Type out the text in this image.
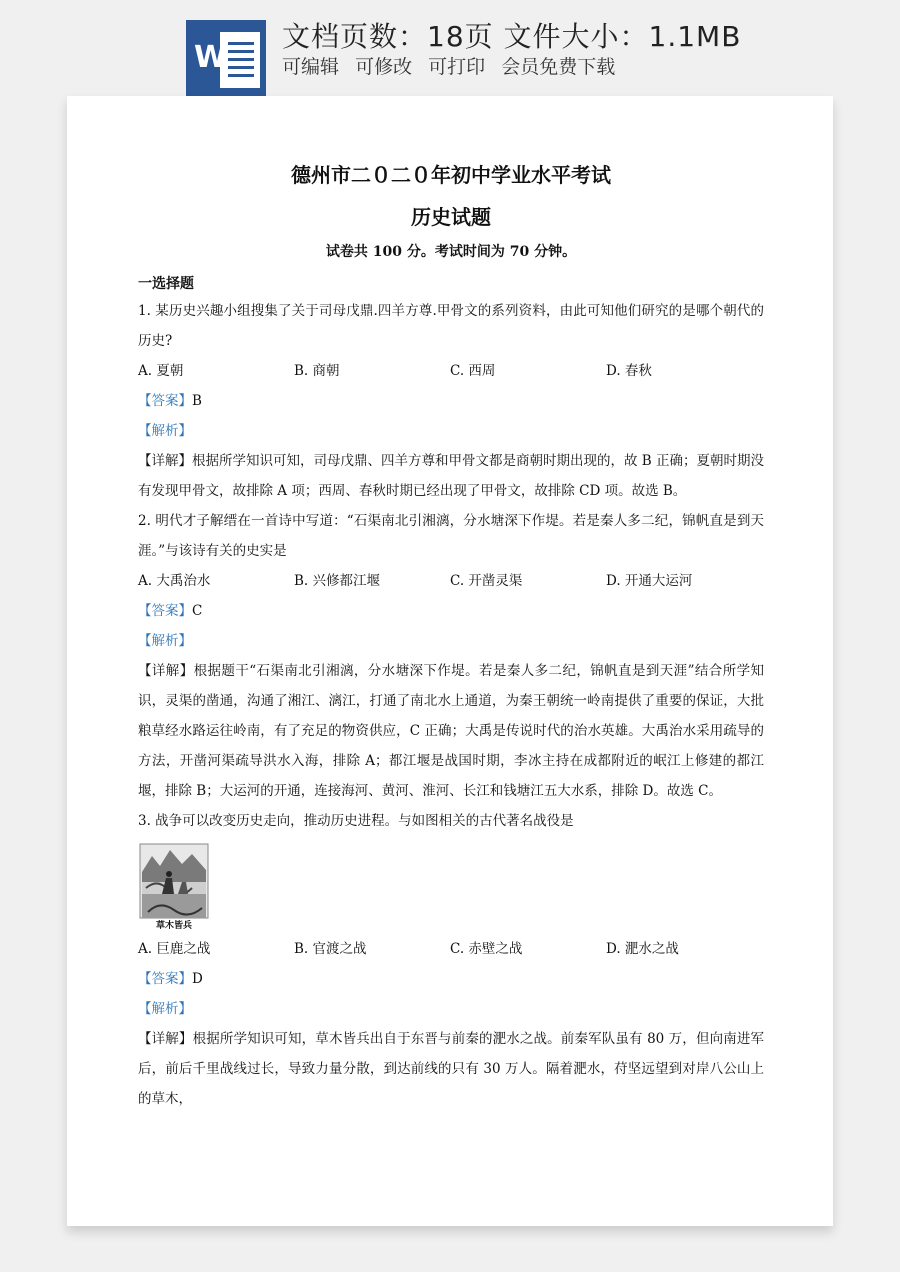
W
文档页数：18页 文件大小：1.1MB
可编辑 可修改 可打印 会员免费下载
德州市二０二０年初中学业水平考试
历史试题
试卷共 100 分。考试时间为 70 分钟。
一选择题

1. 某历史兴趣小组搜集了关于司母戊鼎.四羊方尊.甲骨文的系列资料，由此可知他们研究的是哪个朝代的历史?

A. 夏朝	B. 商朝	C. 西周	D. 春秋

【答案】B

【解析】

【详解】根据所学知识可知，司母戊鼎、四羊方尊和甲骨文都是商朝时期出现的，故 B 正确；夏朝时期没有发现甲骨文，故排除 A 项；西周、春秋时期已经出现了甲骨文，故排除 CD 项。故选 B。

2. 明代才子解缙在一首诗中写道：“石渠南北引湘漓，分水塘深下作堤。若是秦人多二纪，锦帆直是到天涯。”与该诗有关的史实是

A. 大禹治水	B. 兴修都江堰	C. 开凿灵渠	D. 开通大运河

【答案】C

【解析】

【详解】根据题干“石渠南北引湘漓，分水塘深下作堤。若是秦人多二纪，锦帆直是到天涯”结合所学知识，灵渠的凿通，沟通了湘江、漓江，打通了南北水上通道，为秦王朝统一岭南提供了重要的保证，大批粮草经水路运往岭南，有了充足的物资供应，C 正确；大禹是传说时代的治水英雄。大禹治水采用疏导的方法，开凿河渠疏导洪水入海，排除 A；都江堰是战国时期，李冰主持在成都附近的岷江上修建的都江堰，排除 B；大运河的开通，连接海河、黄河、淮河、长江和钱塘江五大水系，排除 D。故选 C。

3. 战争可以改变历史走向，推动历史进程。与如图相关的古代著名战役是

草木皆兵
A. 巨鹿之战	B. 官渡之战	C. 赤壁之战	D. 淝水之战

【答案】D

【解析】

【详解】根据所学知识可知，草木皆兵出自于东晋与前秦的淝水之战。前秦军队虽有 80 万，但向南进军后，前后千里战线过长，导致力量分散，到达前线的只有 30 万人。隔着淝水，苻坚远望到对岸八公山上的草木，
